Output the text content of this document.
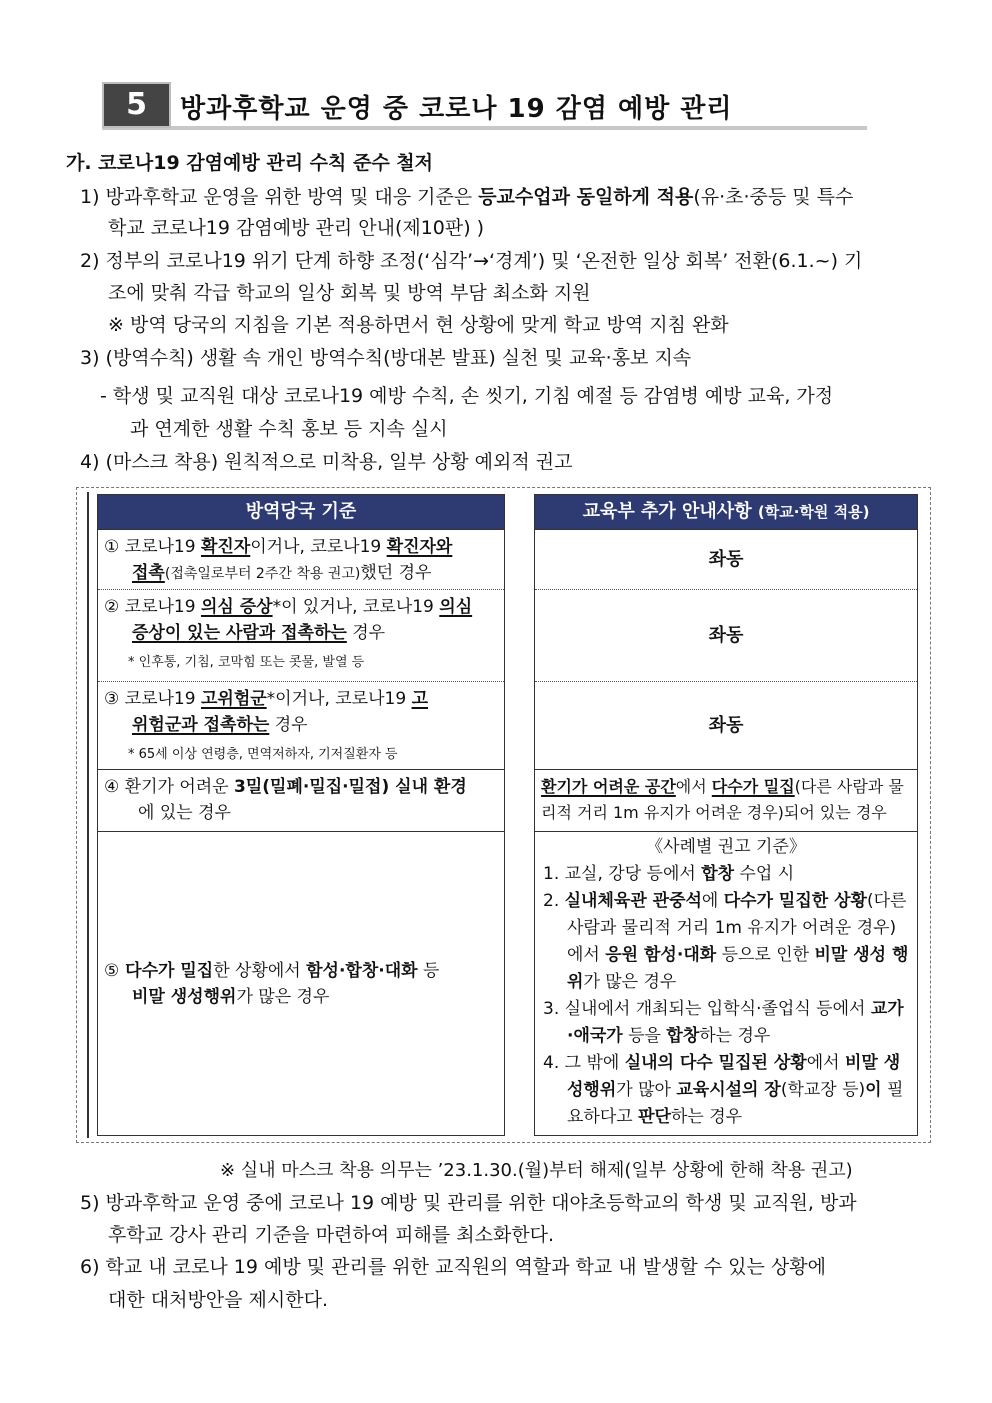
5	방과후학교 운영 중 코로나 19 감염 예방 관리
가. 코로나19 감염예방 관리 수칙 준수 철저
1) 방과후학교 운영을 위한 방역 및 대응 기준은 등교수업과 동일하게 적용(유·초·중등 및 특수
학교 코로나19 감염예방 관리 안내(제10판) )
2) 정부의 코로나19 위기 단계 하향 조정(‘심각’→‘경계’) 및 ‘온전한 일상 회복’ 전환(6.1.~) 기
조에 맞춰 각급 학교의 일상 회복 및 방역 부담 최소화 지원
※ 방역 당국의 지침을 기본 적용하면서 현 상황에 맞게 학교 방역 지침 완화
3) (방역수칙) 생활 속 개인 방역수칙(방대본 발표) 실천 및 교육·홍보 지속
- 학생 및 교직원 대상 코로나19 예방 수칙, 손 씻기, 기침 예절 등 감염병 예방 교육, 가정
과 연계한 생활 수칙 홍보 등 지속 실시
4) (마스크 착용) 원칙적으로 미착용, 일부 상황 예외적 권고
방역당국 기준
① 코로나19 확진자이거나, 코로나19 확진자와
접촉(접촉일로부터 2주간 착용 권고)했던 경우
② 코로나19 의심 증상*이 있거나, 코로나19 의심
증상이 있는 사람과 접촉하는 경우
* 인후통, 기침, 코막힘 또는 콧물, 발열 등
③ 코로나19 고위험군*이거나, 코로나19 고
위험군과 접촉하는 경우
* 65세 이상 연령층, 면역저하자, 기저질환자 등
④ 환기가 어려운 3밀(밀폐·밀집·밀접) 실내 환경
에 있는 경우
⑤ 다수가 밀집한 상황에서 함성·합창·대화 등
비말 생성행위가 많은 경우
교육부 추가 안내사항 (학교·학원 적용)
좌동
좌동
좌동
환기가 어려운 공간에서 다수가 밀집(다른 사람과 물
리적 거리 1m 유지가 어려운 경우)되어 있는 경우
《사례별 권고 기준》
1. 교실, 강당 등에서 합창 수업 시
2. 실내체육관 관중석에 다수가 밀집한 상황(다른사람과 물리적 거리 1m 유지가 어려운 경우)에서 응원 함성·대화 등으로 인한 비말 생성 행위가 많은 경우
3. 실내에서 개최되는 입학식·졸업식 등에서 교가·애국가 등을 합창하는 경우
4. 그 밖에 실내의 다수 밀집된 상황에서 비말 생성행위가 많아 교육시설의 장(학교장 등)이 필요하다고 판단하는 경우
※ 실내 마스크 착용 의무는 ’23.1.30.(월)부터 해제(일부 상황에 한해 착용 권고)
5) 방과후학교 운영 중에 코로나 19 예방 및 관리를 위한 대야초등학교의 학생 및 교직원, 방과
후학교 강사 관리 기준을 마련하여 피해를 최소화한다.
6) 학교 내 코로나 19 예방 및 관리를 위한 교직원의 역할과 학교 내 발생할 수 있는 상황에
대한 대처방안을 제시한다.
